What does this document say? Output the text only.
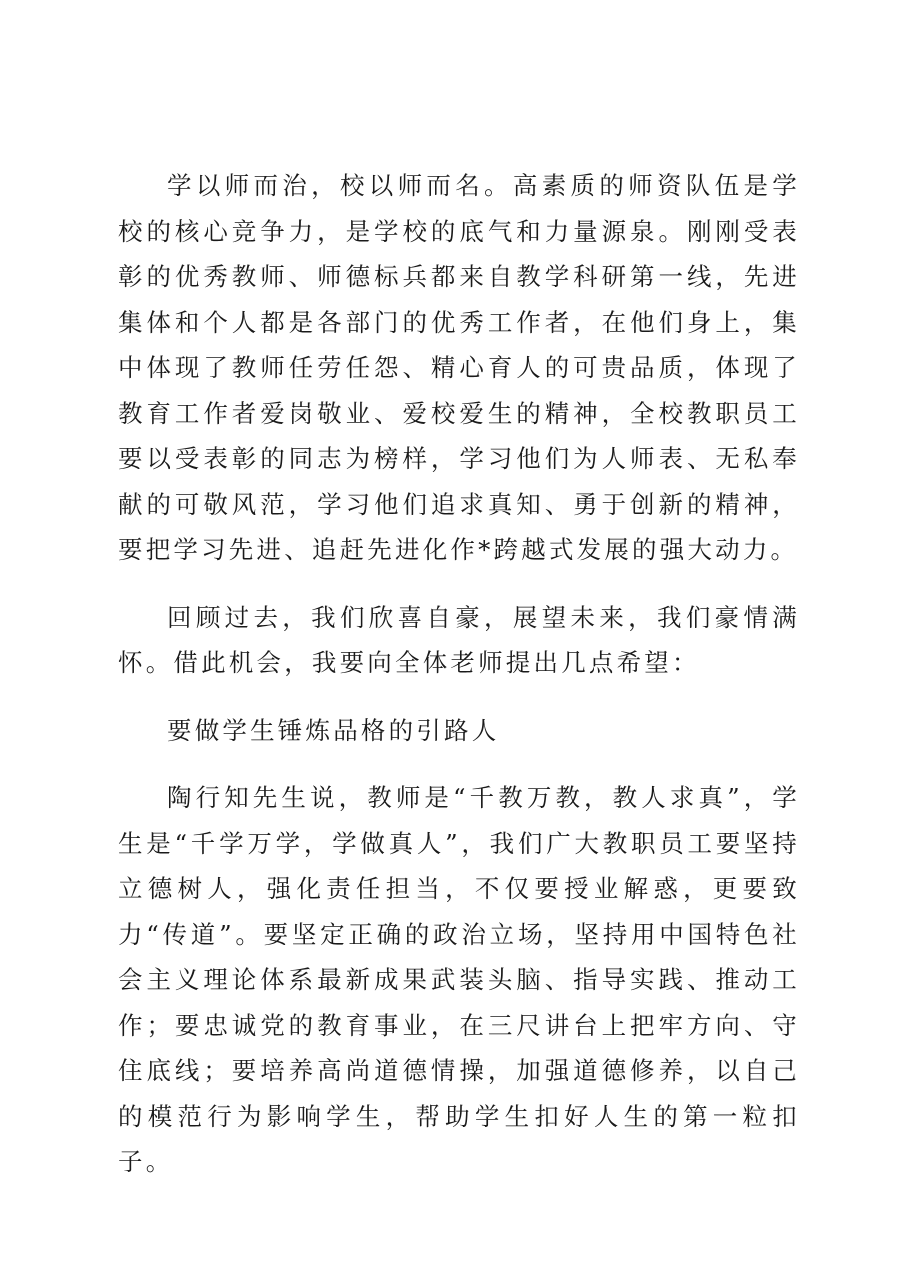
学以师而治，校以师而名。高素质的师资队伍是学校的核心竞争力，是学校的底气和力量源泉。刚刚受表彰的优秀教师、师德标兵都来自教学科研第一线，先进集体和个人都是各部门的优秀工作者，在他们身上，集中体现了教师任劳任怨、精心育人的可贵品质，体现了教育工作者爱岗敬业、爱校爱生的精神，全校教职员工要以受表彰的同志为榜样，学习他们为人师表、无私奉献的可敬风范，学习他们追求真知、勇于创新的精神，要把学习先进、追赶先进化作*跨越式发展的强大动力。

回顾过去，我们欣喜自豪，展望未来，我们豪情满怀。借此机会，我要向全体老师提出几点希望：

要做学生锤炼品格的引路人

陶行知先生说，教师是“千教万教，教人求真”，学生是“千学万学，学做真人”，我们广大教职员工要坚持立德树人，强化责任担当，不仅要授业解惑，更要致力“传道”。要坚定正确的政治立场，坚持用中国特色社会主义理论体系最新成果武装头脑、指导实践、推动工作；要忠诚党的教育事业，在三尺讲台上把牢方向、守住底线；要培养高尚道德情操，加强道德修养，以自己的模范行为影响学生，帮助学生扣好人生的第一粒扣子。
